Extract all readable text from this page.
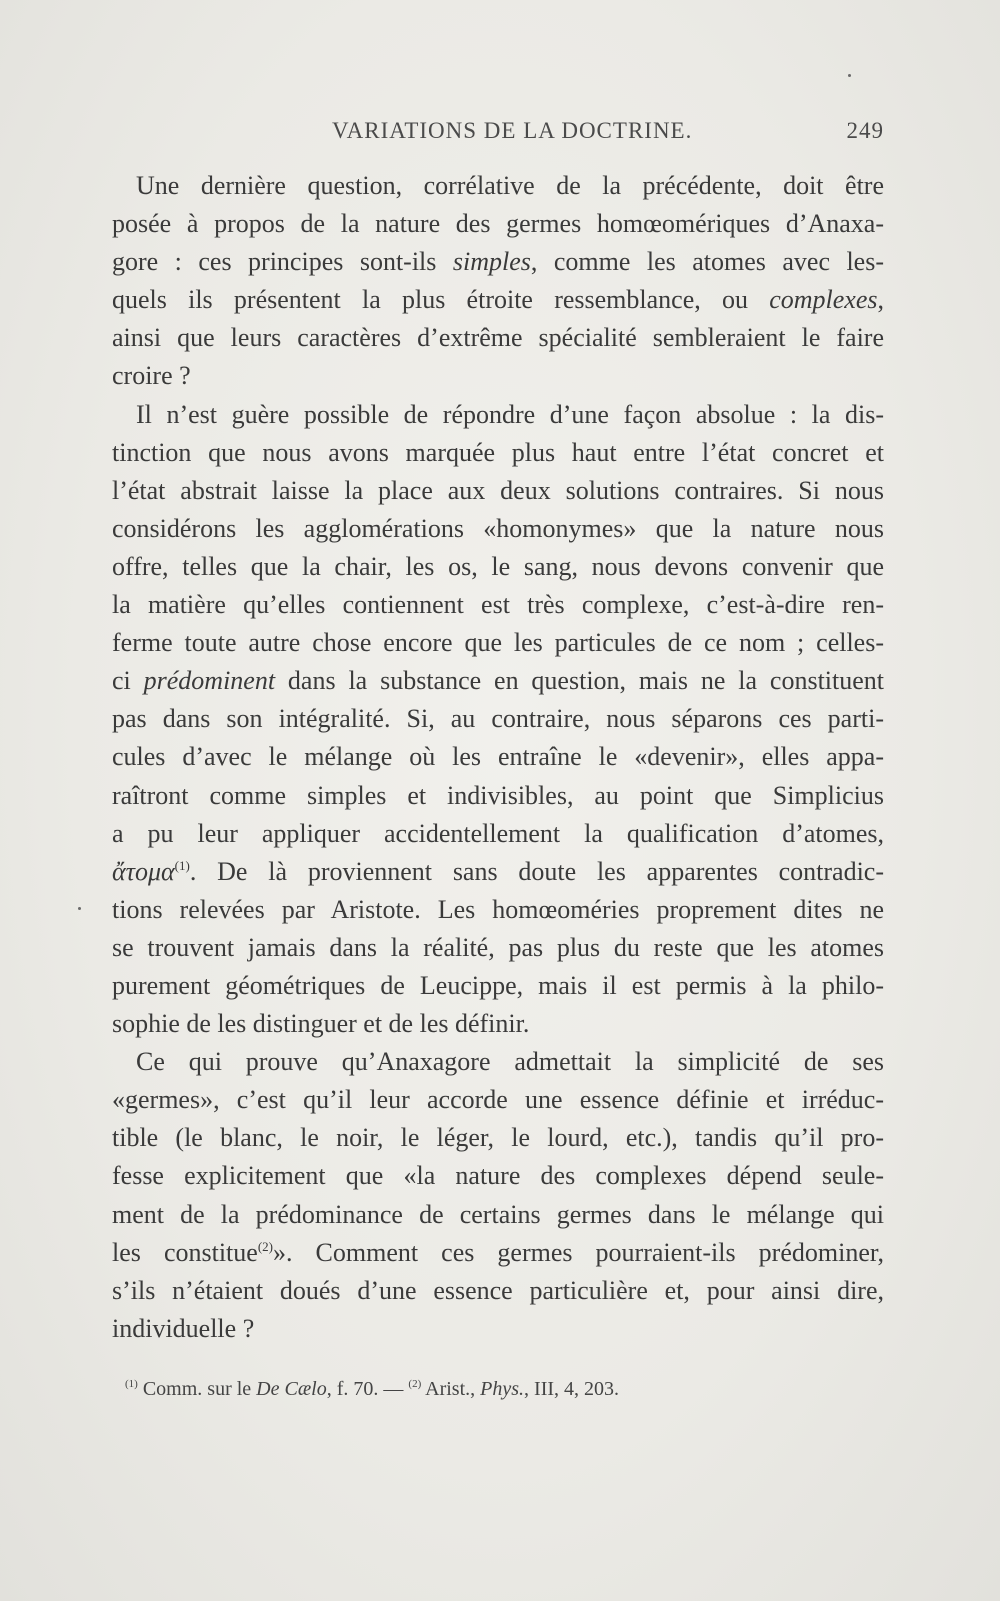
VARIATIONS DE LA DOCTRINE.	249
Une dernière question, corrélative de la précédente, doit être
posée à propos de la nature des germes homœomériques d’Anaxa-
gore : ces principes sont-ils simples, comme les atomes avec les-
quels ils présentent la plus étroite ressemblance, ou complexes,
ainsi que leurs caractères d’extrême spécialité sembleraient le faire
croire ?
Il n’est guère possible de répondre d’une façon absolue : la dis-
tinction que nous avons marquée plus haut entre l’état concret et
l’état abstrait laisse la place aux deux solutions contraires. Si nous
considérons les agglomérations «homonymes» que la nature nous
offre, telles que la chair, les os, le sang, nous devons convenir que
la matière qu’elles contiennent est très complexe, c’est-à-dire ren-
ferme toute autre chose encore que les particules de ce nom ; celles-
ci prédominent dans la substance en question, mais ne la constituent
pas dans son intégralité. Si, au contraire, nous séparons ces parti-
cules d’avec le mélange où les entraîne le «devenir», elles appa-
raîtront comme simples et indivisibles, au point que Simplicius
a pu leur appliquer accidentellement la qualification d’atomes,
ἄτομα$^{(1)}$. De là proviennent sans doute les apparentes contradic-
tions relevées par Aristote. Les homœoméries proprement dites ne
se trouvent jamais dans la réalité, pas plus du reste que les atomes
purement géométriques de Leucippe, mais il est permis à la philo-
sophie de les distinguer et de les définir.
Ce qui prouve qu’Anaxagore admettait la simplicité de ses
«germes», c’est qu’il leur accorde une essence définie et irréduc-
tible (le blanc, le noir, le léger, le lourd, etc.), tandis qu’il pro-
fesse explicitement que «la nature des complexes dépend seule-
ment de la prédominance de certains germes dans le mélange qui
les constitue$^{(2)}$». Comment ces germes pourraient-ils prédominer,
s’ils n’étaient doués d’une essence particulière et, pour ainsi dire,
individuelle ?
$^{(1)}$ Comm. sur le De Cælo, f. 70. — $^{(2)}$ Arist., Phys., III, 4, 203.
